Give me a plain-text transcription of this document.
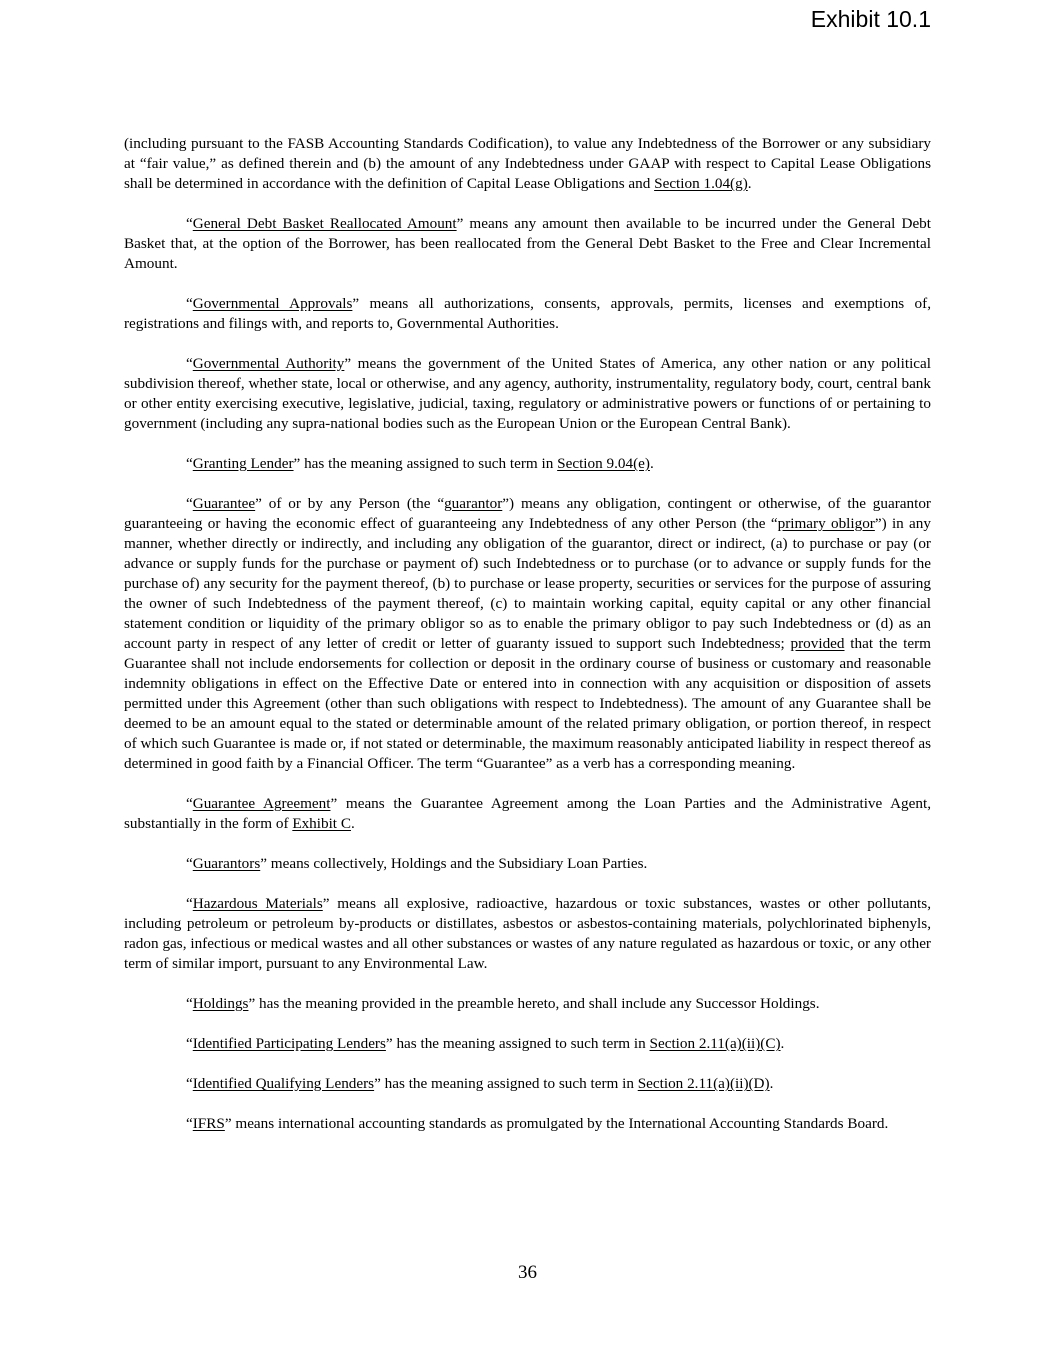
Exhibit 10.1

(including pursuant to the FASB Accounting Standards Codification), to value any Indebtedness of the Borrower or any subsidiary at “fair value,” as defined therein and (b) the amount of any Indebtedness under GAAP with respect to Capital Lease Obligations shall be determined in accordance with the definition of Capital Lease Obligations and Section 1.04(g).

“General Debt Basket Reallocated Amount” means any amount then available to be incurred under the General Debt Basket that, at the option of the Borrower, has been reallocated from the General Debt Basket to the Free and Clear Incremental Amount.

“Governmental Approvals” means all authorizations, consents, approvals, permits, licenses and exemptions of, registrations and filings with, and reports to, Governmental Authorities.

“Governmental Authority” means the government of the United States of America, any other nation or any political subdivision thereof, whether state, local or otherwise, and any agency, authority, instrumentality, regulatory body, court, central bank or other entity exercising executive, legislative, judicial, taxing, regulatory or administrative powers or functions of or pertaining to government (including any supra-national bodies such as the European Union or the European Central Bank).

“Granting Lender” has the meaning assigned to such term in Section 9.04(e).

“Guarantee” of or by any Person (the “guarantor”) means any obligation, contingent or otherwise, of the guarantor guaranteeing or having the economic effect of guaranteeing any Indebtedness of any other Person (the “primary obligor”) in any manner, whether directly or indirectly, and including any obligation of the guarantor, direct or indirect, (a) to purchase or pay (or advance or supply funds for the purchase or payment of) such Indebtedness or to purchase (or to advance or supply funds for the purchase of) any security for the payment thereof, (b) to purchase or lease property, securities or services for the purpose of assuring the owner of such Indebtedness of the payment thereof, (c) to maintain working capital, equity capital or any other financial statement condition or liquidity of the primary obligor so as to enable the primary obligor to pay such Indebtedness or (d) as an account party in respect of any letter of credit or letter of guaranty issued to support such Indebtedness; provided that the term Guarantee shall not include endorsements for collection or deposit in the ordinary course of business or customary and reasonable indemnity obligations in effect on the Effective Date or entered into in connection with any acquisition or disposition of assets permitted under this Agreement (other than such obligations with respect to Indebtedness). The amount of any Guarantee shall be deemed to be an amount equal to the stated or determinable amount of the related primary obligation, or portion thereof, in respect of which such Guarantee is made or, if not stated or determinable, the maximum reasonably anticipated liability in respect thereof as determined in good faith by a Financial Officer. The term “Guarantee” as a verb has a corresponding meaning.

“Guarantee Agreement” means the Guarantee Agreement among the Loan Parties and the Administrative Agent, substantially in the form of Exhibit C.

“Guarantors” means collectively, Holdings and the Subsidiary Loan Parties.

“Hazardous Materials” means all explosive, radioactive, hazardous or toxic substances, wastes or other pollutants, including petroleum or petroleum by-products or distillates, asbestos or asbestos-containing materials, polychlorinated biphenyls, radon gas, infectious or medical wastes and all other substances or wastes of any nature regulated as hazardous or toxic, or any other term of similar import, pursuant to any Environmental Law.

“Holdings” has the meaning provided in the preamble hereto, and shall include any Successor Holdings.

“Identified Participating Lenders” has the meaning assigned to such term in Section 2.11(a)(ii)(C).

“Identified Qualifying Lenders” has the meaning assigned to such term in Section 2.11(a)(ii)(D).

“IFRS” means international accounting standards as promulgated by the International Accounting Standards Board.

36
